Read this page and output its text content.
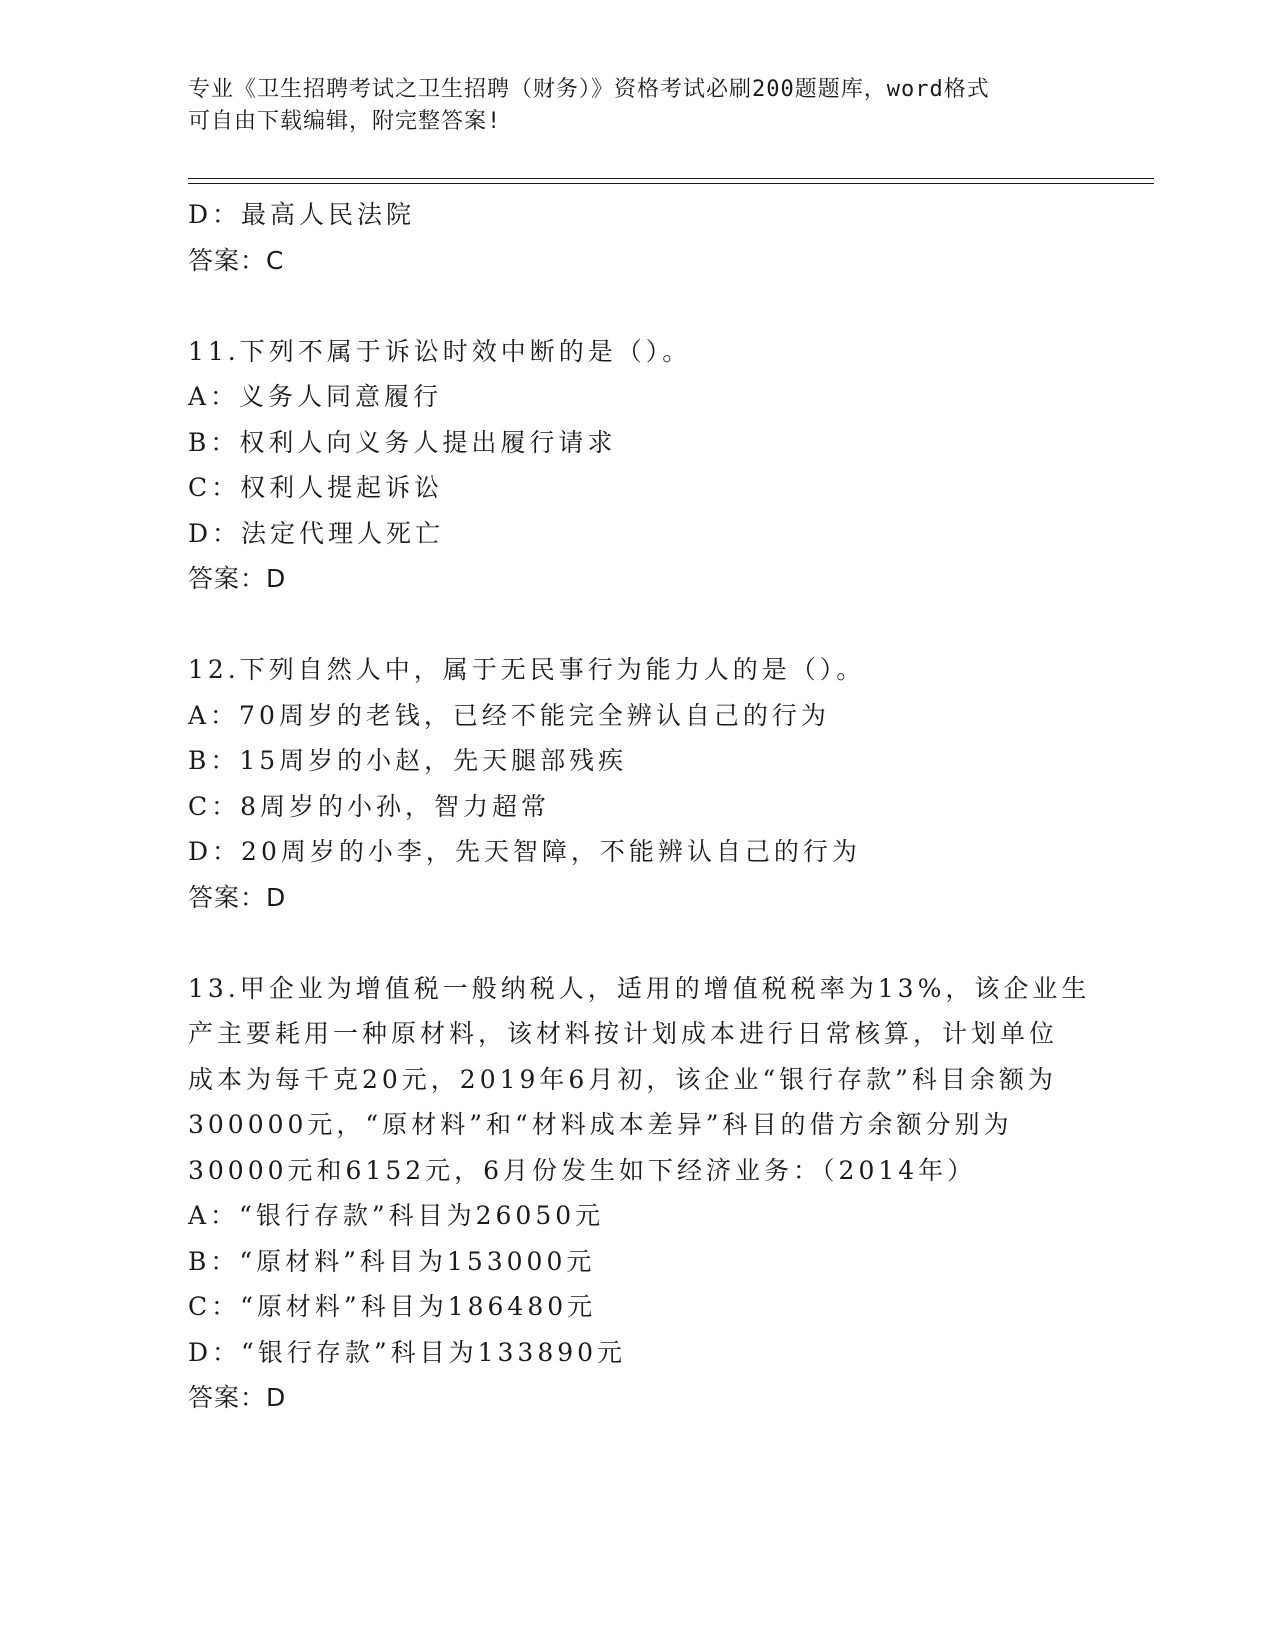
专业《卫生招聘考试之卫生招聘（财务）》资格考试必刷200题题库，word格式
可自由下载编辑，附完整答案!
D：最高人民法院
答案：C
11.下列不属于诉讼时效中断的是（）。
A：义务人同意履行
B：权利人向义务人提出履行请求
C：权利人提起诉讼
D：法定代理人死亡
答案：D
12.下列自然人中，属于无民事行为能力人的是（）。
A：70周岁的老钱，已经不能完全辨认自己的行为
B：15周岁的小赵，先天腿部残疾
C：8周岁的小孙，智力超常
D：20周岁的小李，先天智障，不能辨认自己的行为
答案：D
13.甲企业为增值税一般纳税人，适用的增值税税率为13%，该企业生
产主要耗用一种原材料，该材料按计划成本进行日常核算，计划单位
成本为每千克20元，2019年6月初，该企业“银行存款”科目余额为
300000元，“原材料”和“材料成本差异”科目的借方余额分别为
30000元和6152元，6月份发生如下经济业务：（2014年）
A：“银行存款”科目为26050元
B：“原材料”科目为153000元
C：“原材料”科目为186480元
D：“银行存款”科目为133890元
答案：D
